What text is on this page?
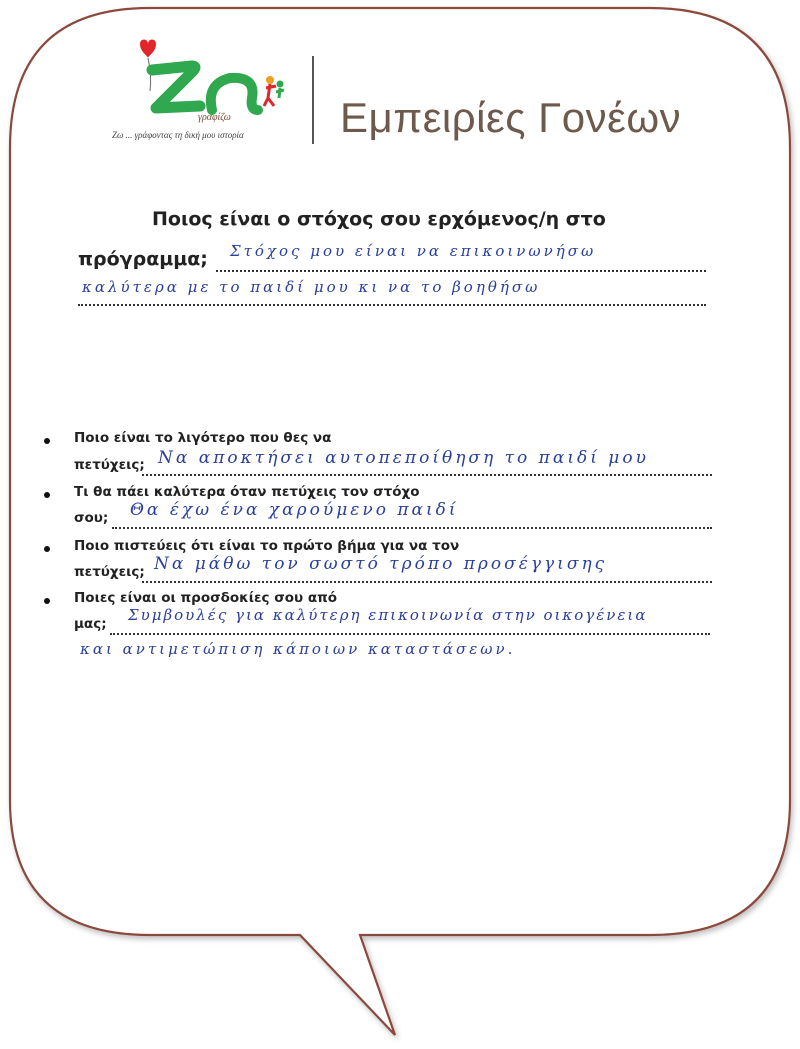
γραφίζω
Ζω ... γράφοντας τη δική μου ιστορία	Εμπειρίες Γονέων
Ποιος είναι ο στόχος σου ερχόμενος/η στο
πρόγραμμα; Στόχος μου είναι να επικοινωνήσω
καλύτερα με το παιδί μου κι να το βοηθήσω
Ποιο είναι το λιγότερο που θες να
πετύχεις; Να αποκτήσει αυτοπεποίθηση το παιδί μου
Τι θα πάει καλύτερα όταν πετύχεις τον στόχο
σου; Θα έχω ένα χαρούμενο παιδί
Ποιο πιστεύεις ότι είναι το πρώτο βήμα για να τον
πετύχεις; Να μάθω τον σωστό τρόπο προσέγγισης
Ποιες είναι οι προσδοκίες σου από
μας; Συμβουλές για καλύτερη επικοινωνία στην οικογένεια
και αντιμετώπιση κάποιων καταστάσεων.
